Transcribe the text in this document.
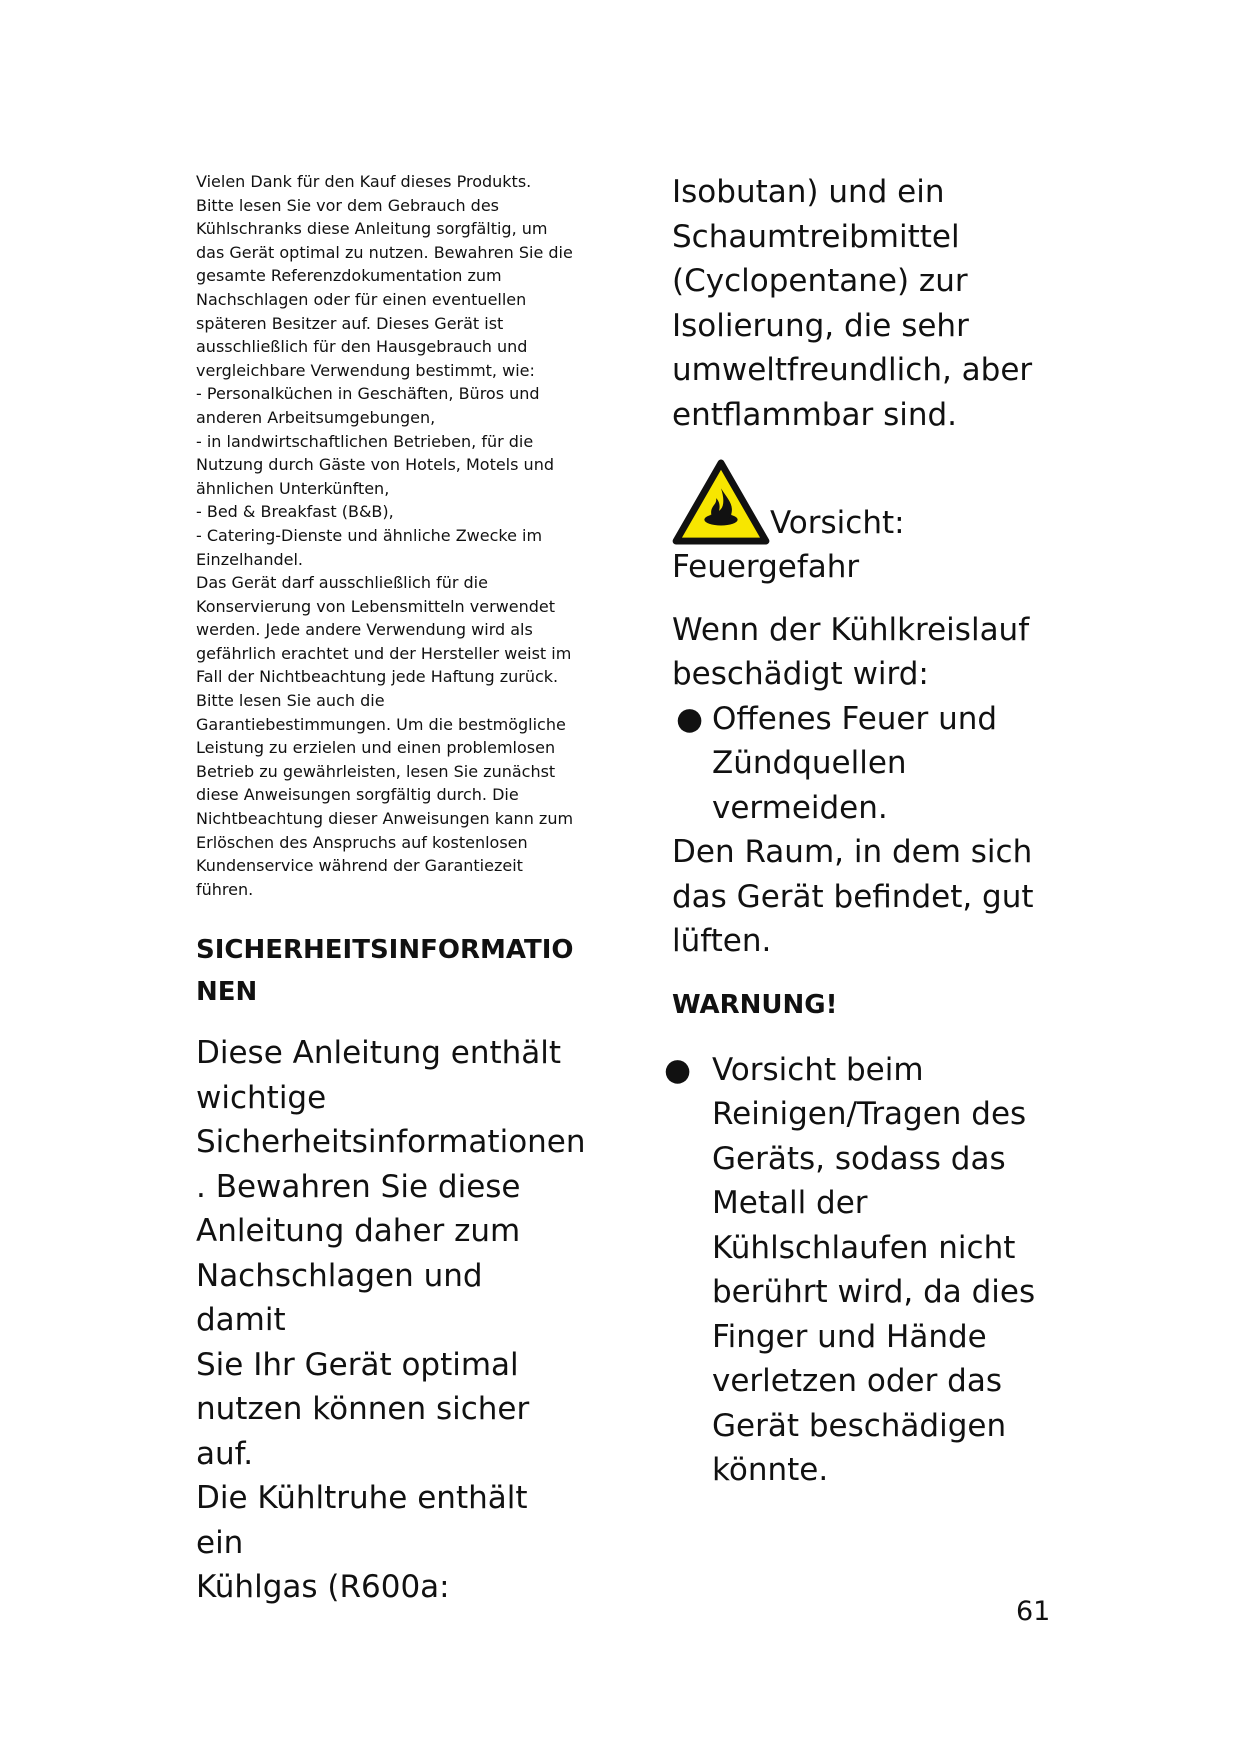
Vielen Dank für den Kauf dieses Produkts.

Bitte lesen Sie vor dem Gebrauch des

Kühlschranks diese Anleitung sorgfältig, um

das Gerät optimal zu nutzen. Bewahren Sie die

gesamte Referenzdokumentation zum

Nachschlagen oder für einen eventuellen

späteren Besitzer auf. Dieses Gerät ist

ausschließlich für den Hausgebrauch und

vergleichbare Verwendung bestimmt, wie:

- Personalküchen in Geschäften, Büros und

anderen Arbeitsumgebungen,

- in landwirtschaftlichen Betrieben, für die

Nutzung durch Gäste von Hotels, Motels und

ähnlichen Unterkünften,

- Bed & Breakfast (B&B),

- Catering-Dienste und ähnliche Zwecke im

Einzelhandel.

Das Gerät darf ausschließlich für die

Konservierung von Lebensmitteln verwendet

werden. Jede andere Verwendung wird als

gefährlich erachtet und der Hersteller weist im

Fall der Nichtbeachtung jede Haftung zurück.

Bitte lesen Sie auch die

Garantiebestimmungen. Um die bestmögliche

Leistung zu erzielen und einen problemlosen

Betrieb zu gewährleisten, lesen Sie zunächst

diese Anweisungen sorgfältig durch. Die

Nichtbeachtung dieser Anweisungen kann zum

Erlöschen des Anspruchs auf kostenlosen

Kundenservice während der Garantiezeit

führen.

SICHERHEITSINFORMATIO
NEN

Diese Anleitung enthält

wichtige

Sicherheitsinformationen

. Bewahren Sie diese

Anleitung daher zum

Nachschlagen und damit

Sie Ihr Gerät optimal

nutzen können sicher

auf.

Die Kühltruhe enthält ein

Kühlgas (R600a:

Isobutan) und ein

Schaumtreibmittel

(Cyclopentane) zur

Isolierung, die sehr

umweltfreundlich, aber

entflammbar sind.

Vorsicht:

Feuergefahr

Wenn der Kühlkreislauf

beschädigt wird:

● Offenes Feuer und Zündquellen vermeiden.

Den Raum, in dem sich das Gerät befindet, gut lüften.

WARNUNG!
● Vorsicht beim Reinigen/Tragen des Geräts, sodass das Metall der Kühlschlaufen nicht berührt wird, da dies Finger und Hände verletzen oder das Gerät beschädigen könnte.
61
